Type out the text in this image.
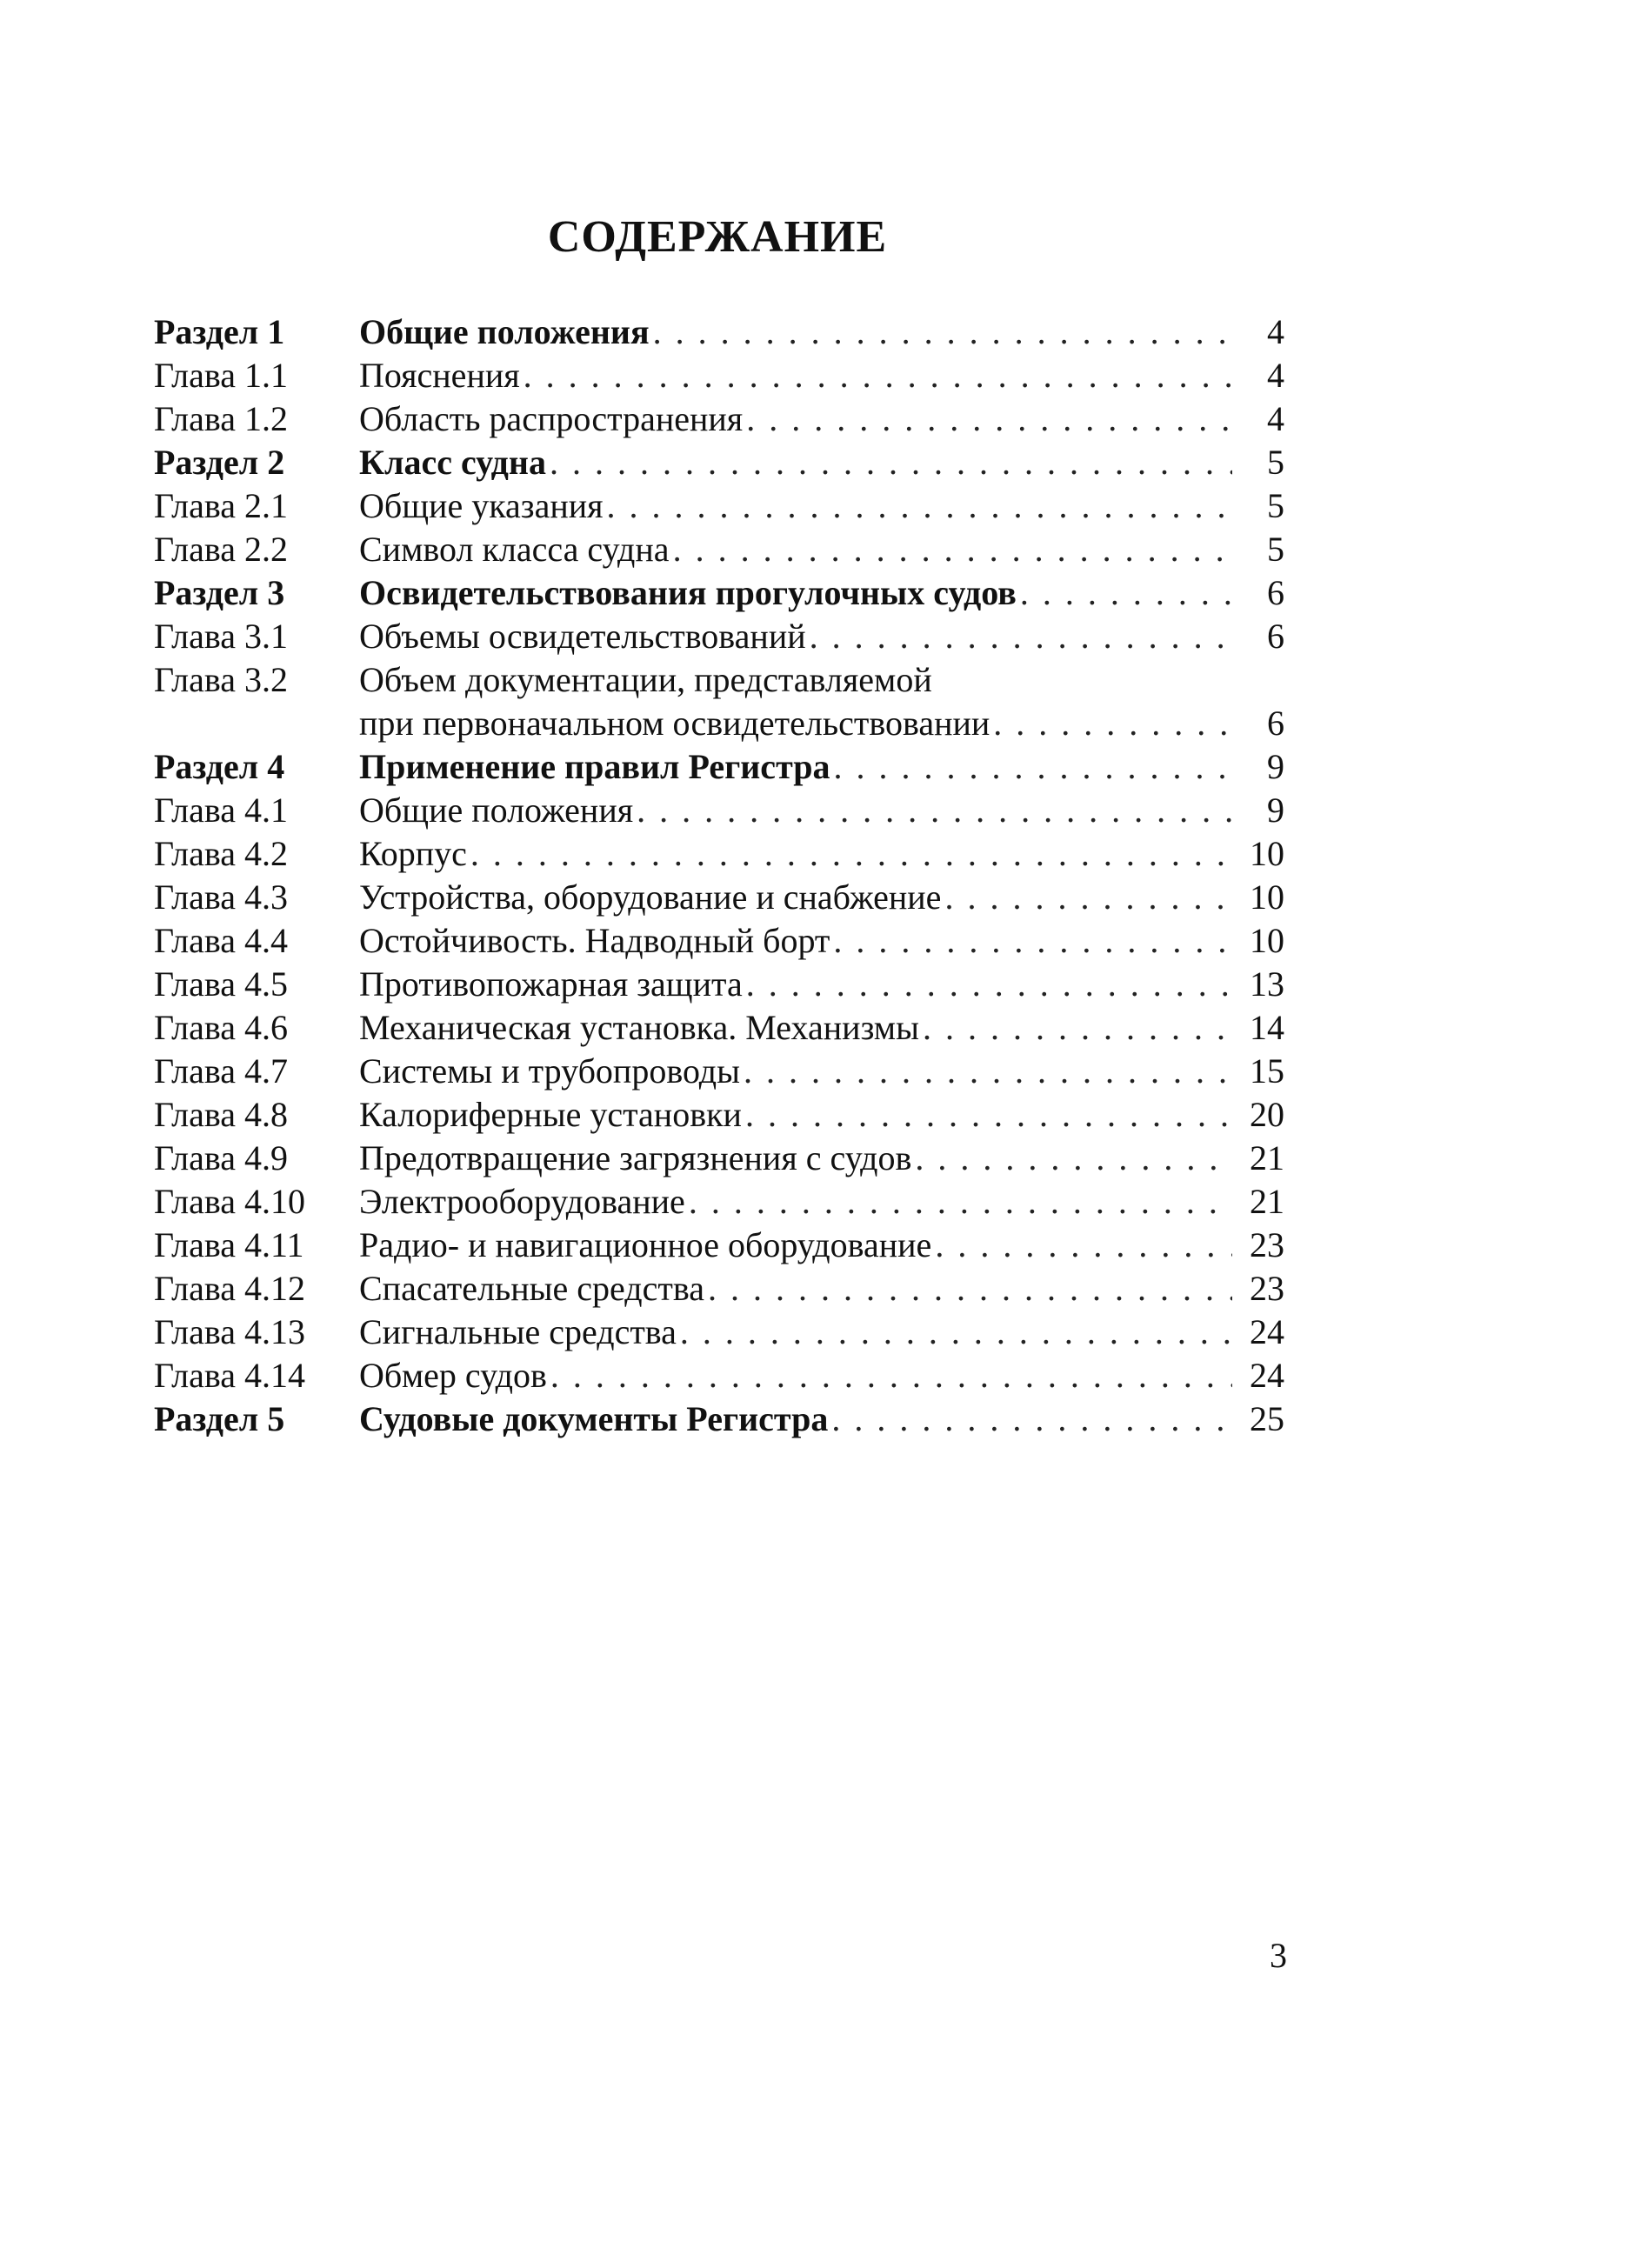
СОДЕРЖАНИЕ
Раздел 1	Общие положения . . .	4
Глава 1.1	Пояснения . . .	4
Глава 1.2	Область распространения . . .	4
Раздел 2	Класс судна . . .	5
Глава 2.1	Общие указания . . .	5
Глава 2.2	Символ класса судна . . .	5
Раздел 3	Освидетельствования прогулочных судов . . .	6
Глава 3.1	Объемы освидетельствований . . .	6
Глава 3.2	Объем документации, представляемой
при первоначальном освидетельствовании . . .	6
Раздел 4	Применение правил Регистра . . .	9
Глава 4.1	Общие положения . . .	9
Глава 4.2	Корпус . . .	10
Глава 4.3	Устройства, оборудование и снабжение . . .	10
Глава 4.4	Остойчивость. Надводный борт . . .	10
Глава 4.5	Противопожарная защита . . .	13
Глава 4.6	Механическая установка. Механизмы . . .	14
Глава 4.7	Системы и трубопроводы . . .	15
Глава 4.8	Калориферные установки . . .	20
Глава 4.9	Предотвращение загрязнения с судов . . .	21
Глава 4.10	Электрооборудование . . .	21
Глава 4.11	Радио- и навигационное оборудование . . .	23
Глава 4.12	Спасательные средства . . .	23
Глава 4.13	Сигнальные средства . . .	24
Глава 4.14	Обмер судов . . .	24
Раздел 5	Судовые документы Регистра . . .	25
3
